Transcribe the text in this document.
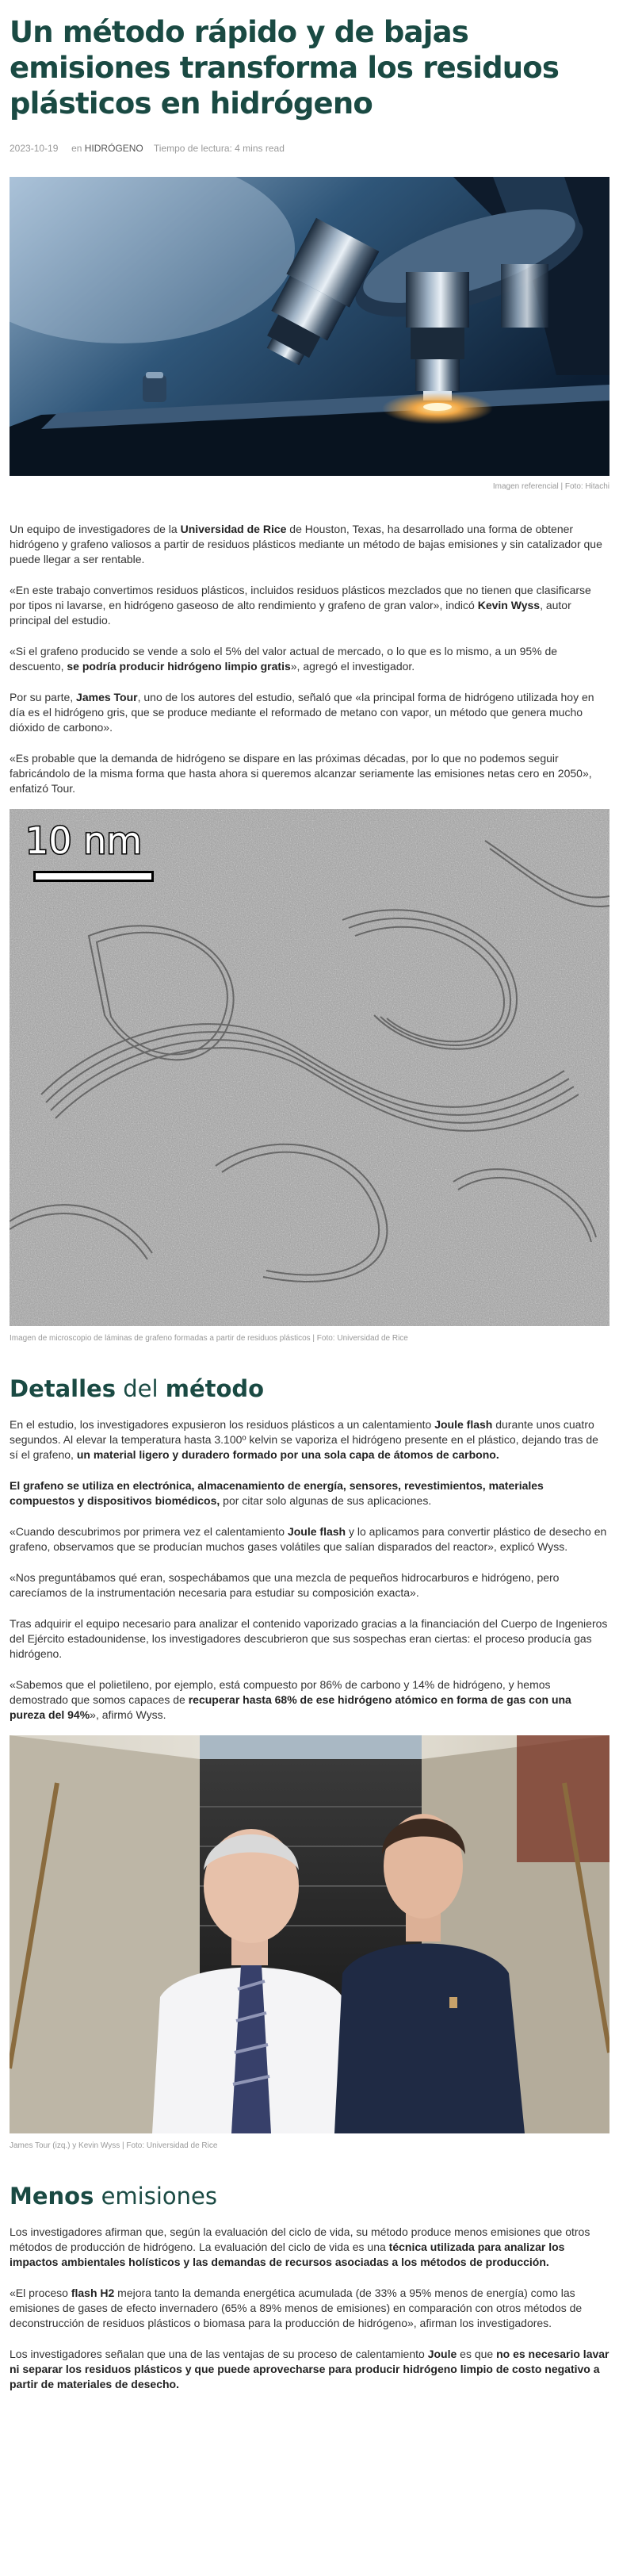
Un método rápido y de bajas emisiones transforma los residuos plásticos en hidrógeno
2023-10-19 en HIDRÓGENO Tiempo de lectura: 4 mins read
Imagen referencial | Foto: Hitachi

Un equipo de investigadores de la Universidad de Rice de Houston, Texas, ha desarrollado una forma de obtener hidrógeno y grafeno valiosos a partir de residuos plásticos mediante un método de bajas emisiones y sin catalizador que puede llegar a ser rentable.

«En este trabajo convertimos residuos plásticos, incluidos residuos plásticos mezclados que no tienen que clasificarse por tipos ni lavarse, en hidrógeno gaseoso de alto rendimiento y grafeno de gran valor», indicó Kevin Wyss, autor principal del estudio.

«Si el grafeno producido se vende a solo el 5% del valor actual de mercado, o lo que es lo mismo, a un 95% de descuento, se podría producir hidrógeno limpio gratis», agregó el investigador.

Por su parte, James Tour, uno de los autores del estudio, señaló que «la principal forma de hidrógeno utilizada hoy en día es el hidrógeno gris, que se produce mediante el reformado de metano con vapor, un método que genera mucho dióxido de carbono».

«Es probable que la demanda de hidrógeno se dispare en las próximas décadas, por lo que no podemos seguir fabricándolo de la misma forma que hasta ahora si queremos alcanzar seriamente las emisiones netas cero en 2050», enfatizó Tour.

10 nm
Imagen de microscopio de láminas de grafeno formadas a partir de residuos plásticos | Foto: Universidad de Rice
Detalles del método

En el estudio, los investigadores expusieron los residuos plásticos a un calentamiento Joule flash durante unos cuatro segundos. Al elevar la temperatura hasta 3.100º kelvin se vaporiza el hidrógeno presente en el plástico, dejando tras de sí el grafeno, un material ligero y duradero formado por una sola capa de átomos de carbono.

El grafeno se utiliza en electrónica, almacenamiento de energía, sensores, revestimientos, materiales compuestos y dispositivos biomédicos, por citar solo algunas de sus aplicaciones.

«Cuando descubrimos por primera vez el calentamiento Joule flash y lo aplicamos para convertir plástico de desecho en grafeno, observamos que se producían muchos gases volátiles que salían disparados del reactor», explicó Wyss.

«Nos preguntábamos qué eran, sospechábamos que una mezcla de pequeños hidrocarburos e hidrógeno, pero carecíamos de la instrumentación necesaria para estudiar su composición exacta».

Tras adquirir el equipo necesario para analizar el contenido vaporizado gracias a la financiación del Cuerpo de Ingenieros del Ejército estadounidense, los investigadores descubrieron que sus sospechas eran ciertas: el proceso producía gas hidrógeno.

«Sabemos que el polietileno, por ejemplo, está compuesto por 86% de carbono y 14% de hidrógeno, y hemos demostrado que somos capaces de recuperar hasta 68% de ese hidrógeno atómico en forma de gas con una pureza del 94%», afirmó Wyss.

James Tour (izq.) y Kevin Wyss | Foto: Universidad de Rice
Menos emisiones

Los investigadores afirman que, según la evaluación del ciclo de vida, su método produce menos emisiones que otros métodos de producción de hidrógeno. La evaluación del ciclo de vida es una técnica utilizada para analizar los impactos ambientales holísticos y las demandas de recursos asociadas a los métodos de producción.

«El proceso flash H2 mejora tanto la demanda energética acumulada (de 33% a 95% menos de energía) como las emisiones de gases de efecto invernadero (65% a 89% menos de emisiones) en comparación con otros métodos de deconstrucción de residuos plásticos o biomasa para la producción de hidrógeno», afirman los investigadores.

Los investigadores señalan que una de las ventajas de su proceso de calentamiento Joule es que no es necesario lavar ni separar los residuos plásticos y que puede aprovecharse para producir hidrógeno limpio de costo negativo a partir de materiales de desecho.
